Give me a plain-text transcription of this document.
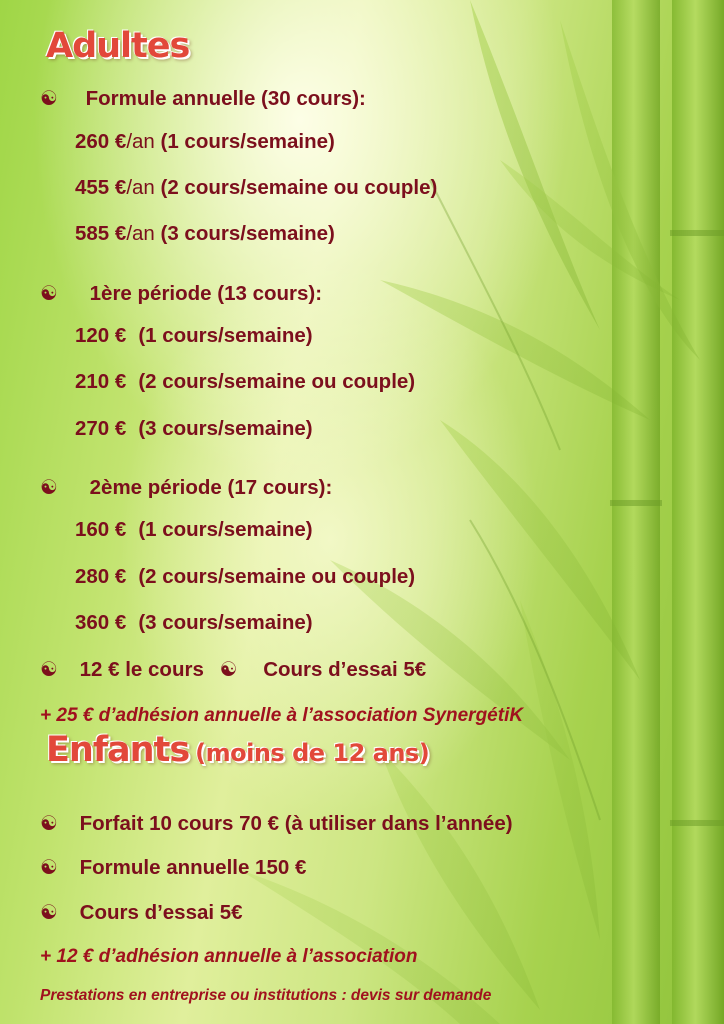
Adultes
☯ Formule annuelle (30 cours):
260 €/an (1 cours/semaine)
455 €/an (2 cours/semaine ou couple)
585 €/an (3 cours/semaine)
☯ 1ère période (13 cours):
120 € (1 cours/semaine)
210 € (2 cours/semaine ou couple)
270 € (3 cours/semaine)
☯ 2ème période (17 cours):
160 € (1 cours/semaine)
280 € (2 cours/semaine ou couple)
360 € (3 cours/semaine)
☯ 12 € le cours ☯ Cours d’essai 5€
+ 25 € d’adhésion annuelle à l’association SynergétiK
Enfants (moins de 12 ans)
☯ Forfait 10 cours 70 € (à utiliser dans l’année)
☯ Formule annuelle 150 €
☯ Cours d’essai 5€
+ 12 € d’adhésion annuelle à l’association
Prestations en entreprise ou institutions : devis sur demande
